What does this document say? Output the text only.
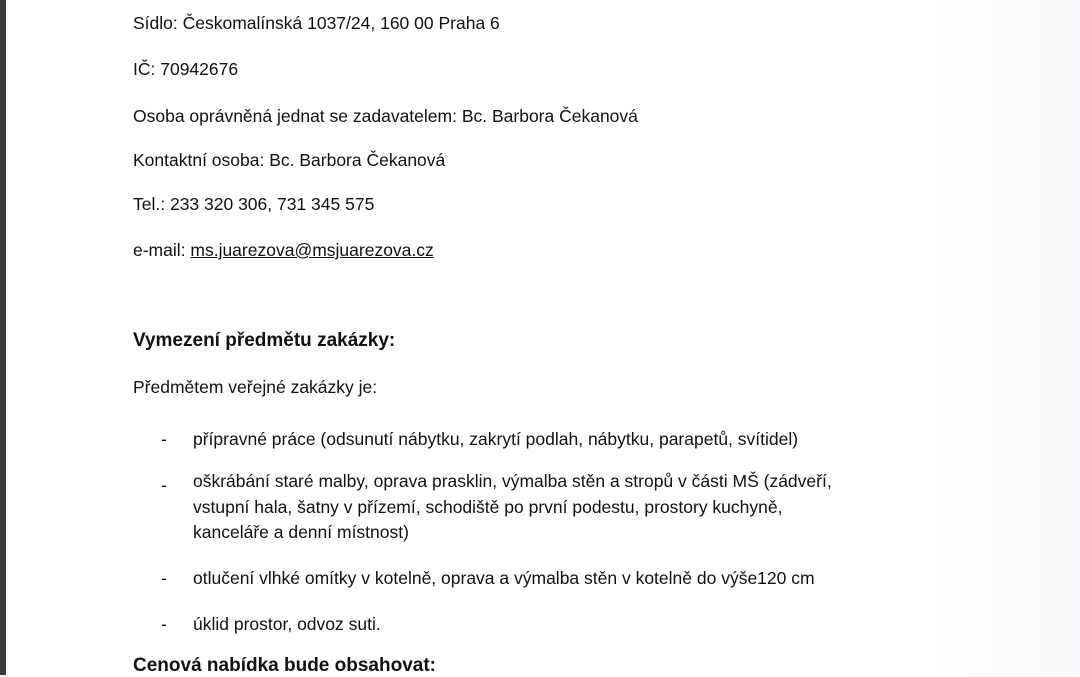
Sídlo: Českomalínská 1037/24, 160 00 Praha 6
IČ: 70942676
Osoba oprávněná jednat se zadavatelem: Bc. Barbora Čekanová
Kontaktní osoba: Bc. Barbora Čekanová
Tel.: 233 320 306, 731 345 575
e-mail: ms.juarezova@msjuarezova.cz
Vymezení předmětu zakázky:
Předmětem veřejné zakázky je:
- přípravné práce (odsunutí nábytku, zakrytí podlah, nábytku, parapetů, svítidel)
- oškrábání staré malby, oprava prasklin, výmalba stěn a stropů v části MŠ (zádveří,
vstupní hala, šatny v přízemí, schodiště po první podestu, prostory kuchyně,
kanceláře a denní místnost)
- otlučení vlhké omítky v kotelně, oprava a výmalba stěn v kotelně do výše120 cm
- úklid prostor, odvoz suti.
Cenová nabídka bude obsahovat:
